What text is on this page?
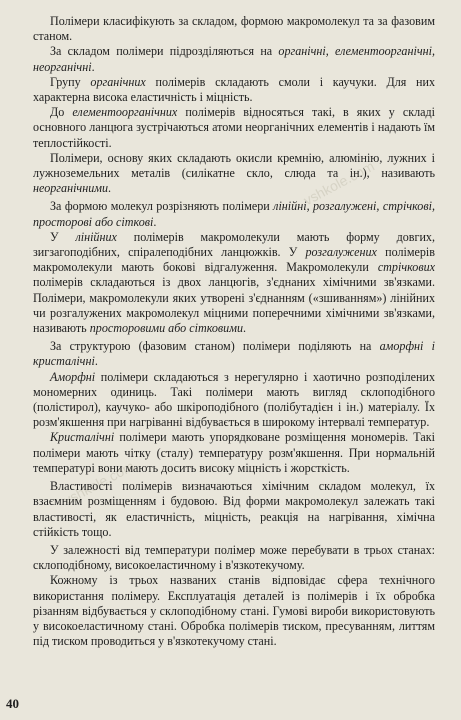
vshkole.com
vshkole.com

Полімери класифікують за складом, формою макромолекул та за фазовим станом.

За складом полімери підрозділяються на органічні, елементоорганічні, неорганічні.

Групу органічних полімерів складають смоли і каучуки. Для них характерна висока еластичність і міцність.

До елементоорганічних полімерів відносяться такі, в яких у складі основного ланцюга зустрічаються атоми неорганічних елементів і надають їм теплостійкості.

Полімери, основу яких складають окисли кремнію, алюмінію, лужних і лужноземельних металів (силікатне скло, слюда та ін.), називають неорганічними.

За формою молекул розрізняють полімери лінійні, розгалужені, стрічкові, просторові або сіткові.

У лінійних полімерів макромолекули мають форму довгих, зигзагоподібних, спіралеподібних ланцюжків. У розгалужених полімерів макромолекули мають бокові відгалуження. Макромолекули стрічкових полімерів складаються із двох ланцюгів, з'єднаних хімічними зв'язками. Полімери, макромолекули яких утворені з'єднанням («зшиванням») лінійних чи розгалужених макромолекул міцними поперечними хімічними зв'язками, називають просторовими або сітковими.

За структурою (фазовим станом) полімери поділяють на аморфні і кристалічні.

Аморфні полімери складаються з нерегулярно і хаотично розподілених мономерних одиниць. Такі полімери мають вигляд склоподібного (полістирол), каучуко- або шкіроподібного (полібутадієн і ін.) матеріалу. Їх розм'якшення при нагріванні відбувається в широкому інтервалі температур.

Кристалічні полімери мають упорядковане розміщення мономерів. Такі полімери мають чітку (сталу) температуру розм'якшення. При нормальній температурі вони мають досить високу міцність і жорсткість.

Властивості полімерів визначаються хімічним складом молекул, їх взаємним розміщенням і будовою. Від форми макромолекул залежать такі властивості, як еластичність, міцність, реакція на нагрівання, хімічна стійкість тощо.

У залежності від температури полімер може перебувати в трьох станах: склоподібному, високоеластичному і в'язкотекучому.

Кожному із трьох названих станів відповідає сфера технічного використання полімеру. Експлуатація деталей із полімерів і їх обробка різанням відбувається у склоподібному стані. Гумові вироби використовують у високоеластичному стані. Обробка полімерів тиском, пресуванням, литтям під тиском проводиться у в'язкотекучому стані.

40
